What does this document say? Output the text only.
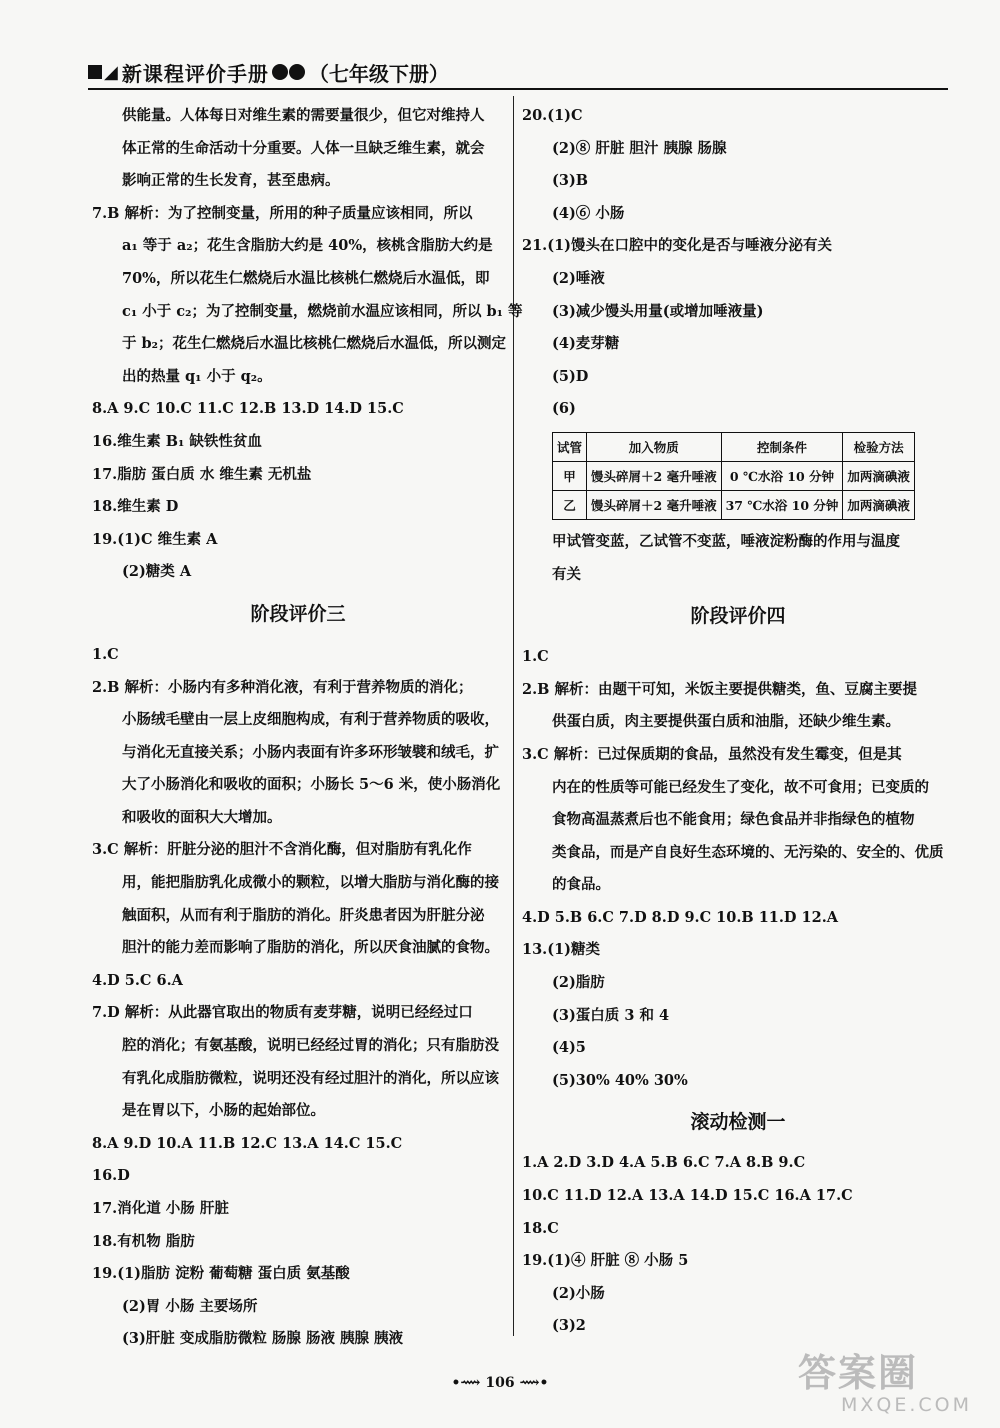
◢ 新课程评价手册 （七年级下册）
供能量。人体每日对维生素的需要量很少，但它对维持人
体正常的生命活动十分重要。人体一旦缺乏维生素，就会
影响正常的生长发育，甚至患病。
7.B 解析：为了控制变量，所用的种子质量应该相同，所以
a₁ 等于 a₂；花生含脂肪大约是 40%，核桃含脂肪大约是
70%，所以花生仁燃烧后水温比核桃仁燃烧后水温低，即
c₁ 小于 c₂；为了控制变量，燃烧前水温应该相同，所以 b₁ 等
于 b₂；花生仁燃烧后水温比核桃仁燃烧后水温低，所以测定
出的热量 q₁ 小于 q₂。
8.A 9.C 10.C 11.C 12.B 13.D 14.D 15.C
16.维生素 B₁ 缺铁性贫血
17.脂肪 蛋白质 水 维生素 无机盐
18.维生素 D
19.(1)C 维生素 A
(2)糖类 A
阶段评价三
1.C
2.B 解析：小肠内有多种消化液，有利于营养物质的消化；
小肠绒毛壁由一层上皮细胞构成，有利于营养物质的吸收，
与消化无直接关系；小肠内表面有许多环形皱襞和绒毛，扩
大了小肠消化和吸收的面积；小肠长 5～6 米，使小肠消化
和吸收的面积大大增加。
3.C 解析：肝脏分泌的胆汁不含消化酶，但对脂肪有乳化作
用，能把脂肪乳化成微小的颗粒，以增大脂肪与消化酶的接
触面积，从而有利于脂肪的消化。肝炎患者因为肝脏分泌
胆汁的能力差而影响了脂肪的消化，所以厌食油腻的食物。
4.D 5.C 6.A
7.D 解析：从此器官取出的物质有麦芽糖，说明已经经过口
腔的消化；有氨基酸，说明已经经过胃的消化；只有脂肪没
有乳化成脂肪微粒，说明还没有经过胆汁的消化，所以应该
是在胃以下，小肠的起始部位。
8.A 9.D 10.A 11.B 12.C 13.A 14.C 15.C
16.D
17.消化道 小肠 肝脏
18.有机物 脂肪
19.(1)脂肪 淀粉 葡萄糖 蛋白质 氨基酸
(2)胃 小肠 主要场所
(3)肝脏 变成脂肪微粒 肠腺 肠液 胰腺 胰液
20.(1)C
(2)⑧ 肝脏 胆汁 胰腺 肠腺
(3)B
(4)⑥ 小肠
21.(1)馒头在口腔中的变化是否与唾液分泌有关
(2)唾液
(3)减少馒头用量(或增加唾液量)
(4)麦芽糖
(5)D
(6)
试管	加入物质	控制条件	检验方法
甲	馒头碎屑＋2 毫升唾液	0 ℃水浴 10 分钟	加两滴碘液
乙	馒头碎屑＋2 毫升唾液	37 ℃水浴 10 分钟	加两滴碘液
甲试管变蓝，乙试管不变蓝，唾液淀粉酶的作用与温度
有关
阶段评价四
1.C
2.B 解析：由题干可知，米饭主要提供糖类，鱼、豆腐主要提
供蛋白质，肉主要提供蛋白质和油脂，还缺少维生素。
3.C 解析：已过保质期的食品，虽然没有发生霉变，但是其
内在的性质等可能已经发生了变化，故不可食用；已变质的
食物高温蒸煮后也不能食用；绿色食品并非指绿色的植物
类食品，而是产自良好生态环境的、无污染的、安全的、优质
的食品。
4.D 5.B 6.C 7.D 8.D 9.C 10.B 11.D 12.A
13.(1)糖类
(2)脂肪
(3)蛋白质 3 和 4
(4)5
(5)30% 40% 30%
滚动检测一
1.A 2.D 3.D 4.A 5.B 6.C 7.A 8.B 9.C
10.C 11.D 12.A 13.A 14.D 15.C 16.A 17.C
18.C
19.(1)④ 肝脏 ⑧ 小肠 5
(2)小肠
(3)2
•⟿ 106 ⟿•	答案圈
MXQE.COM
